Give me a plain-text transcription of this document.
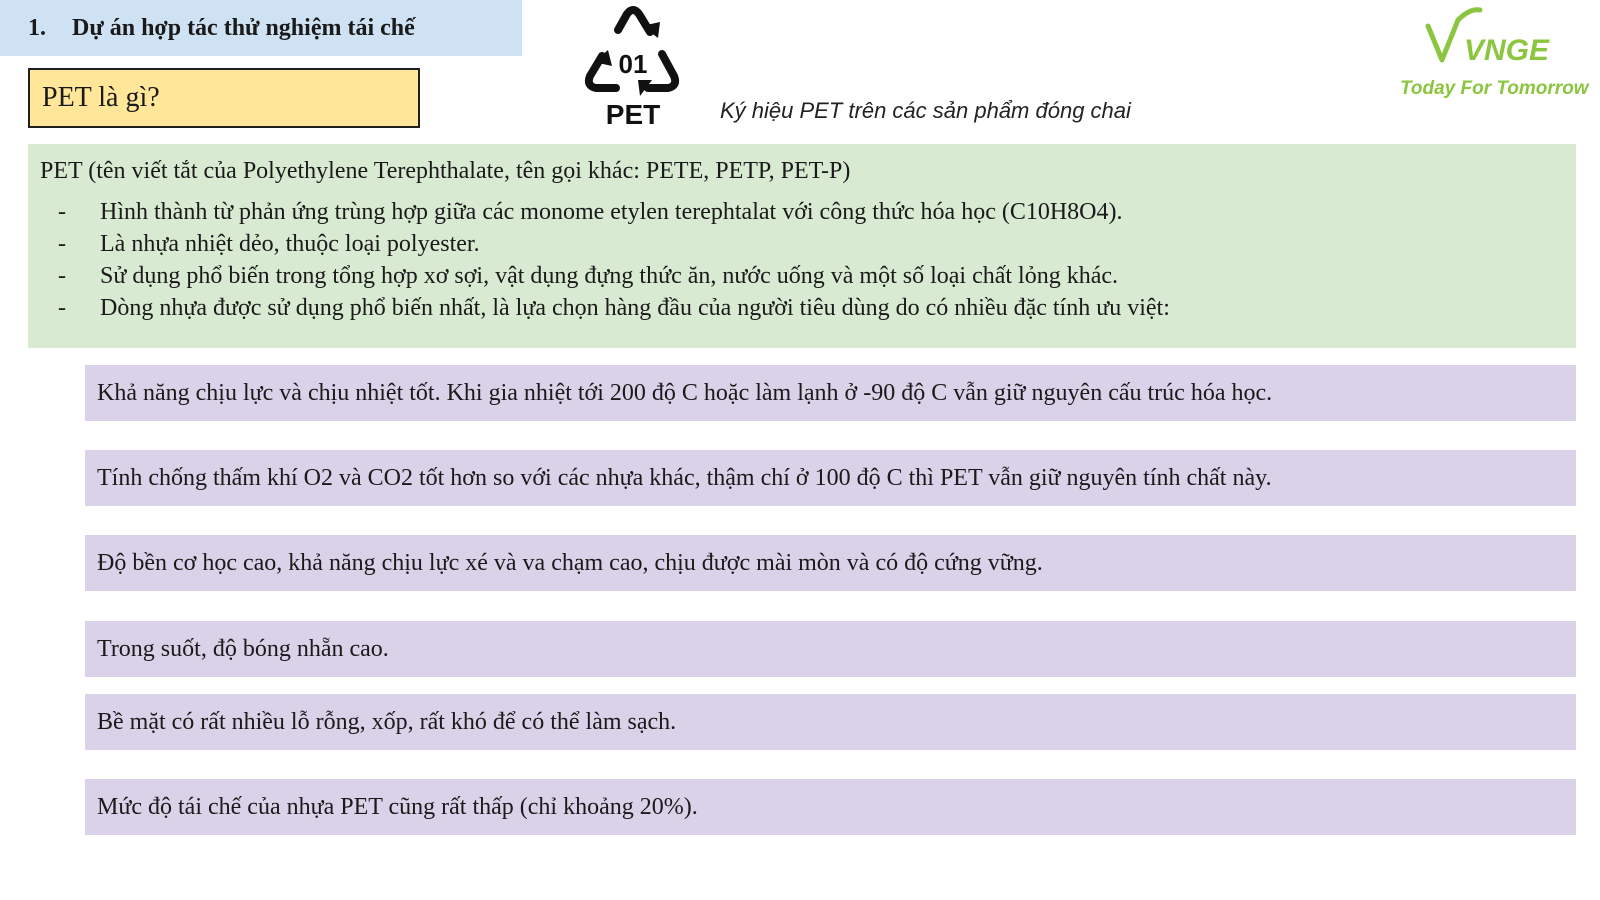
1.	Dự án hợp tác thử nghiệm tái chế
PET là gì?
01
PET	Ký hiệu PET trên các sản phẩm đóng chai
VNGE
Today For Tomorrow
PET (tên viết tắt của Polyethylene Terephthalate, tên gọi khác: PETE, PETP, PET-P)
-	Hình thành từ phản ứng trùng hợp giữa các monome etylen terephtalat với công thức hóa học (C10H8O4).
-	Là nhựa nhiệt dẻo, thuộc loại polyester.
-	Sử dụng phổ biến trong tổng hợp xơ sợi, vật dụng đựng thức ăn, nước uống và một số loại chất lỏng khác.
-	Dòng nhựa được sử dụng phổ biến nhất, là lựa chọn hàng đầu của người tiêu dùng do có nhiều đặc tính ưu việt:
Khả năng chịu lực và chịu nhiệt tốt. Khi gia nhiệt tới 200 độ C hoặc làm lạnh ở -90 độ C vẫn giữ nguyên cấu trúc hóa học.
Tính chống thấm khí O2 và CO2 tốt hơn so với các nhựa khác, thậm chí ở 100 độ C thì PET vẫn giữ nguyên tính chất này.
Độ bền cơ học cao, khả năng chịu lực xé và va chạm cao, chịu được mài mòn và có độ cứng vững.
Trong suốt, độ bóng nhẵn cao.
Bề mặt có rất nhiều lỗ rỗng, xốp, rất khó để có thể làm sạch.
Mức độ tái chế của nhựa PET cũng rất thấp (chỉ khoảng 20%).
